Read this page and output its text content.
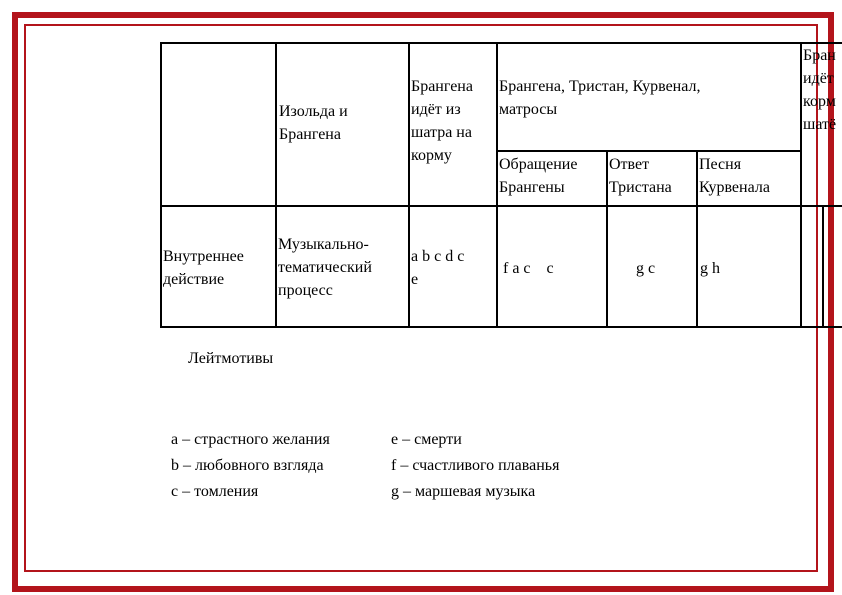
Изольда и
Брангена
Брангена
идёт из
шатра на
корму
Брангена, Тристан, Курвенал,
матросы
Обращение
Брангены
Ответ
Тристана
Песня
Курвенала
Бран
идёт
корм
шатё
Внутреннее
действие
Музыкально-
тематический
процесс
a b c d c
e
f a c    c	g c	g h
Лейтмотивы
a – страстного желания
b – любовного взгляда
c – томления
e – смерти
f – счастливого плаванья
g – маршевая музыка
